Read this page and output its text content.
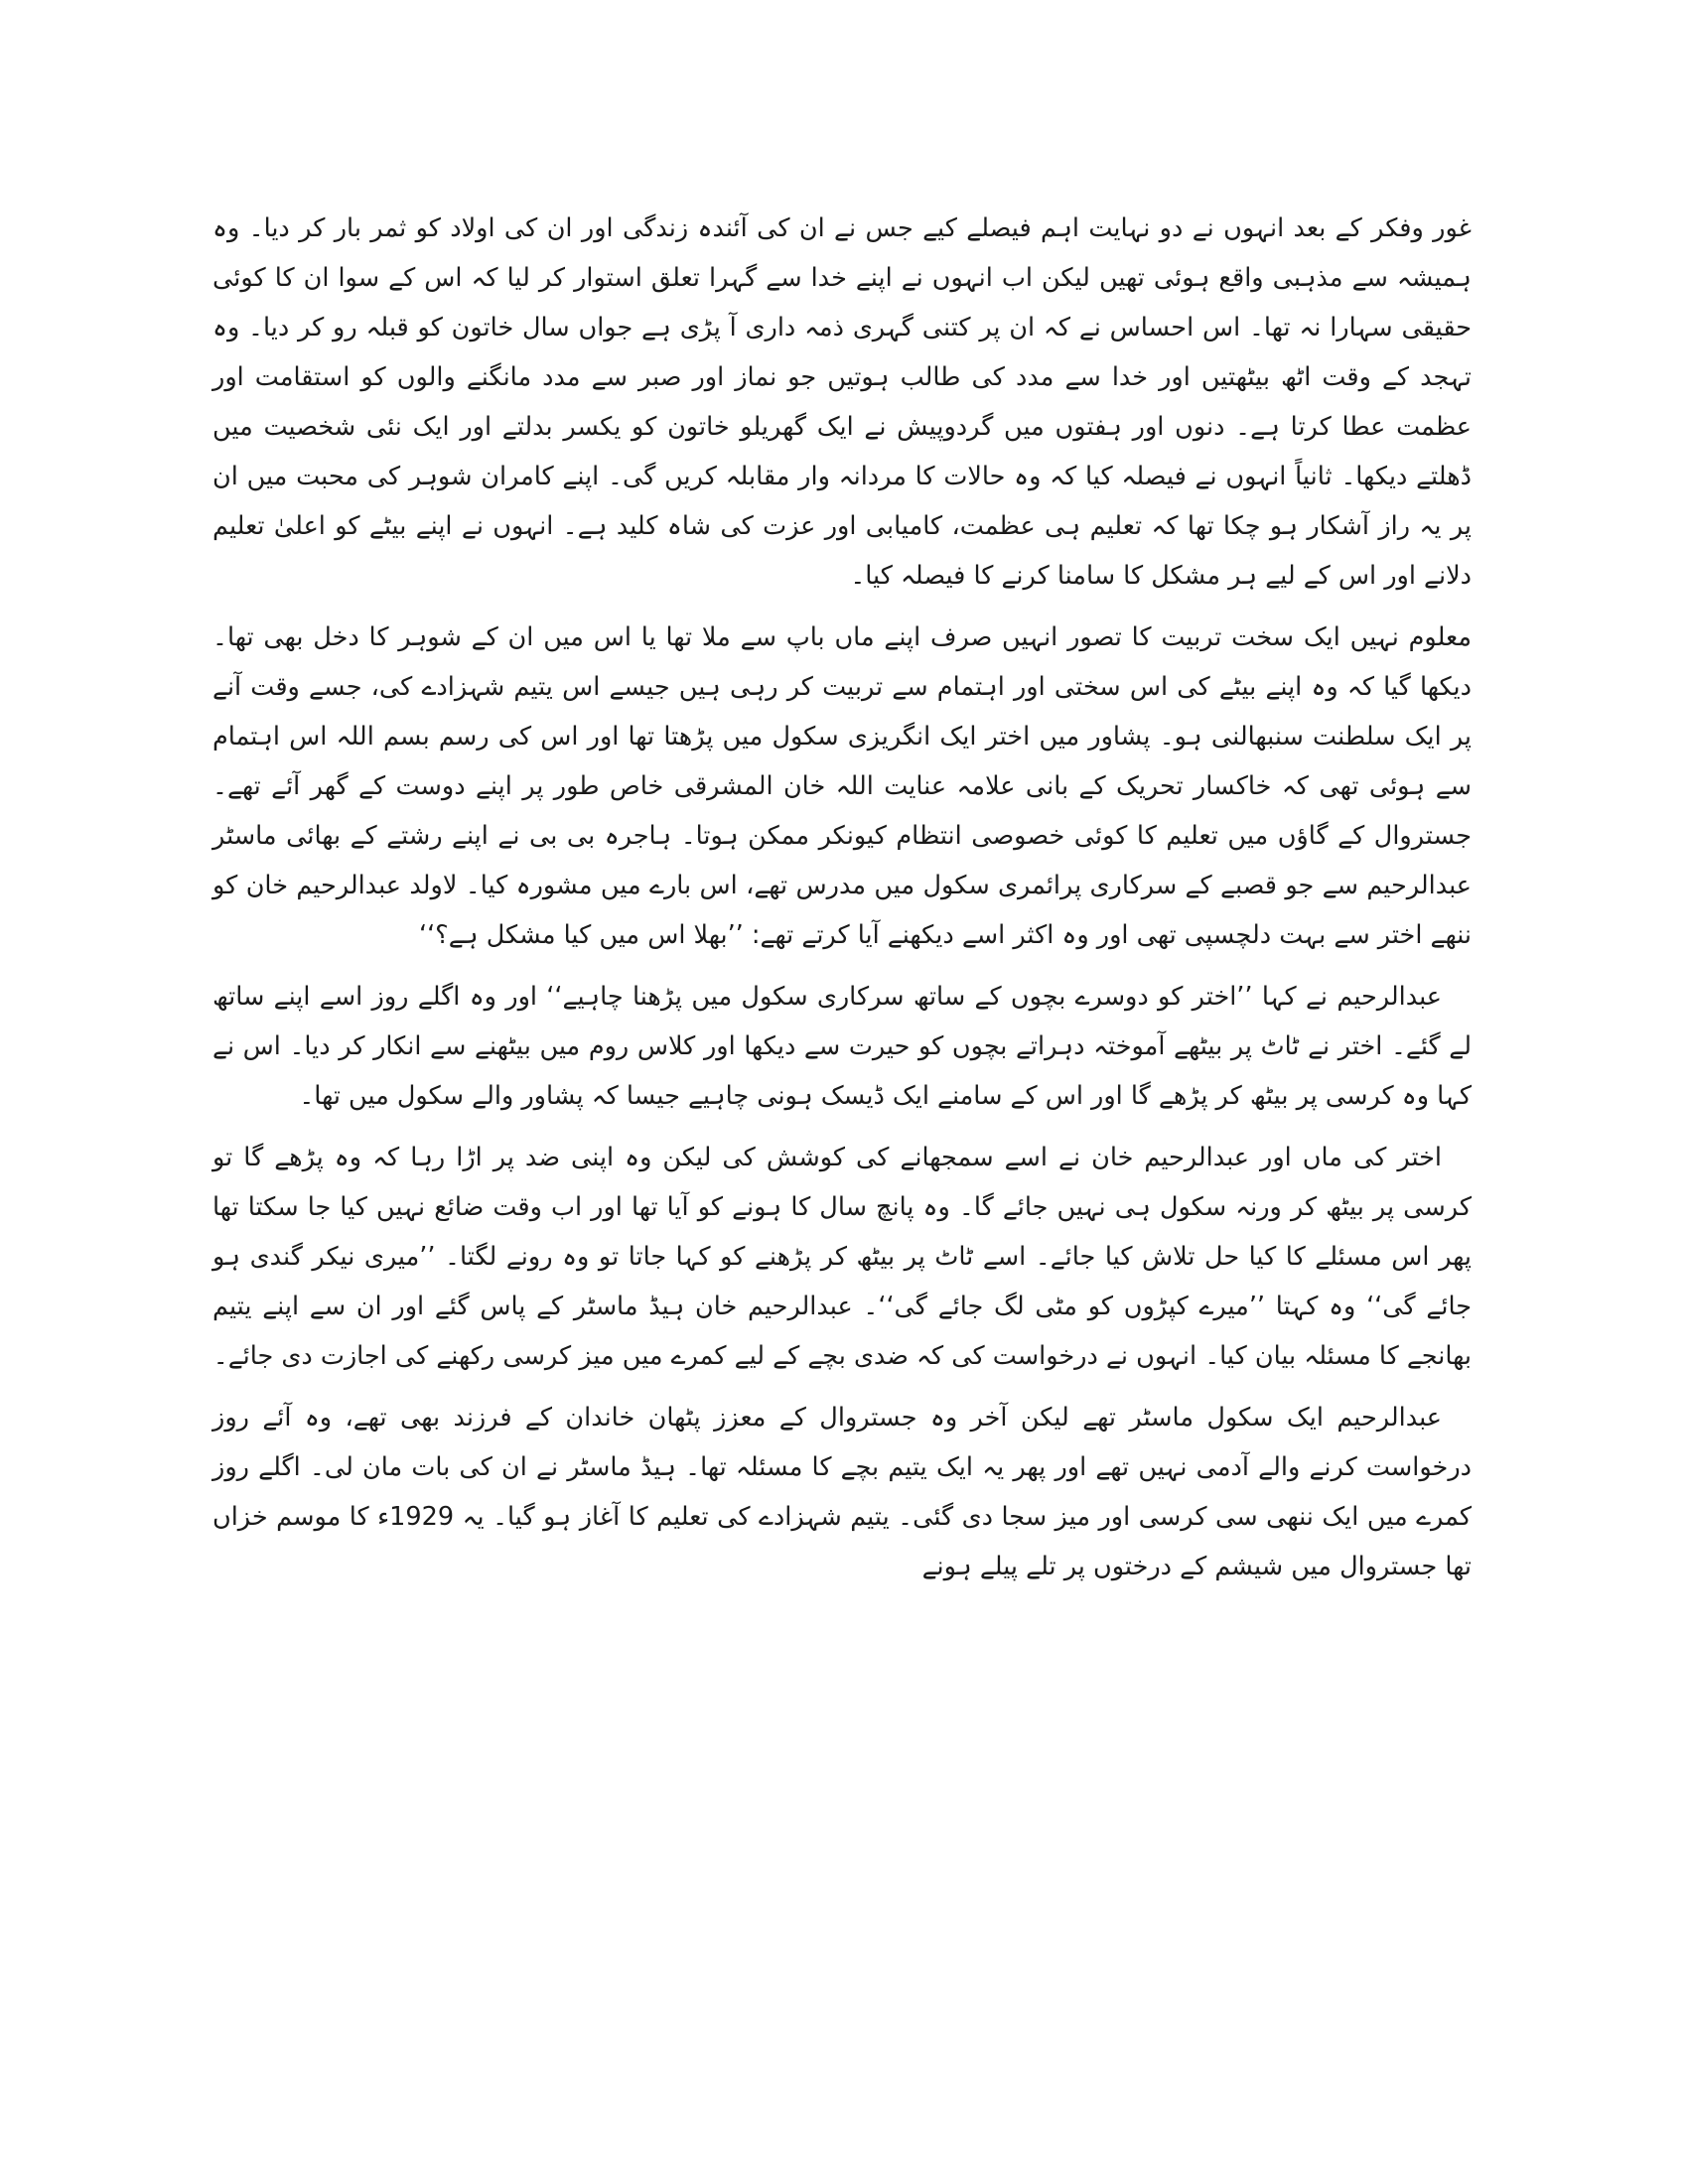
غور وفکر کے بعد انہوں نے دو نہایت اہم فیصلے کیے جس نے ان کی آئندہ زندگی اور ان کی اولاد کو ثمر بار کر دیا۔ وہ ہمیشہ سے مذہبی واقع ہوئی تھیں لیکن اب انہوں نے اپنے خدا سے گہرا تعلق استوار کر لیا کہ اس کے سوا ان کا کوئی حقیقی سہارا نہ تھا۔ اس احساس نے کہ ان پر کتنی گہری ذمہ داری آ پڑی ہے جواں سال خاتون کو قبلہ رو کر دیا۔ وہ تہجد کے وقت اٹھ بیٹھتیں اور خدا سے مدد کی طالب ہوتیں جو نماز اور صبر سے مدد مانگنے والوں کو استقامت اور عظمت عطا کرتا ہے۔ دنوں اور ہفتوں میں گردوپیش نے ایک گھریلو خاتون کو یکسر بدلتے اور ایک نئی شخصیت میں ڈھلتے دیکھا۔ ثانیاً انہوں نے فیصلہ کیا کہ وہ حالات کا مردانہ وار مقابلہ کریں گی۔ اپنے کامران شوہر کی محبت میں ان پر یہ راز آشکار ہو چکا تھا کہ تعلیم ہی عظمت، کامیابی اور عزت کی شاہ کلید ہے۔ انہوں نے اپنے بیٹے کو اعلیٰ تعلیم دلانے اور اس کے لیے ہر مشکل کا سامنا کرنے کا فیصلہ کیا۔

معلوم نہیں ایک سخت تربیت کا تصور انہیں صرف اپنے ماں باپ سے ملا تھا یا اس میں ان کے شوہر کا دخل بھی تھا۔ دیکھا گیا کہ وہ اپنے بیٹے کی اس سختی اور اہتمام سے تربیت کر رہی ہیں جیسے اس یتیم شہزادے کی، جسے وقت آنے پر ایک سلطنت سنبھالنی ہو۔ پشاور میں اختر ایک انگریزی سکول میں پڑھتا تھا اور اس کی رسم بسم اللہ اس اہتمام سے ہوئی تھی کہ خاکسار تحریک کے بانی علامہ عنایت اللہ خان المشرقی خاص طور پر اپنے دوست کے گھر آئے تھے۔ جستروال کے گاؤں میں تعلیم کا کوئی خصوصی انتظام کیونکر ممکن ہوتا۔ ہاجرہ بی بی نے اپنے رشتے کے بھائی ماسٹر عبدالرحیم سے جو قصبے کے سرکاری پرائمری سکول میں مدرس تھے، اس بارے میں مشورہ کیا۔ لاولد عبدالرحیم خان کو ننھے اختر سے بہت دلچسپی تھی اور وہ اکثر اسے دیکھنے آیا کرتے تھے: ’’بھلا اس میں کیا مشکل ہے؟‘‘

عبدالرحیم نے کہا ’’اختر کو دوسرے بچوں کے ساتھ سرکاری سکول میں پڑھنا چاہیے‘‘ اور وہ اگلے روز اسے اپنے ساتھ لے گئے۔ اختر نے ٹاٹ پر بیٹھے آموختہ دہراتے بچوں کو حیرت سے دیکھا اور کلاس روم میں بیٹھنے سے انکار کر دیا۔ اس نے کہا وہ کرسی پر بیٹھ کر پڑھے گا اور اس کے سامنے ایک ڈیسک ہونی چاہیے جیسا کہ پشاور والے سکول میں تھا۔

اختر کی ماں اور عبدالرحیم خان نے اسے سمجھانے کی کوشش کی لیکن وہ اپنی ضد پر اڑا رہا کہ وہ پڑھے گا تو کرسی پر بیٹھ کر ورنہ سکول ہی نہیں جائے گا۔ وہ پانچ سال کا ہونے کو آیا تھا اور اب وقت ضائع نہیں کیا جا سکتا تھا پھر اس مسئلے کا کیا حل تلاش کیا جائے۔ اسے ٹاٹ پر بیٹھ کر پڑھنے کو کہا جاتا تو وہ رونے لگتا۔ ’’میری نیکر گندی ہو جائے گی‘‘ وہ کہتا ’’میرے کپڑوں کو مٹی لگ جائے گی‘‘۔ عبدالرحیم خان ہیڈ ماسٹر کے پاس گئے اور ان سے اپنے یتیم بھانجے کا مسئلہ بیان کیا۔ انہوں نے درخواست کی کہ ضدی بچے کے لیے کمرے میں میز کرسی رکھنے کی اجازت دی جائے۔

عبدالرحیم ایک سکول ماسٹر تھے لیکن آخر وہ جستروال کے معزز پٹھان خاندان کے فرزند بھی تھے، وہ آئے روز درخواست کرنے والے آدمی نہیں تھے اور پھر یہ ایک یتیم بچے کا مسئلہ تھا۔ ہیڈ ماسٹر نے ان کی بات مان لی۔ اگلے روز کمرے میں ایک ننھی سی کرسی اور میز سجا دی گئی۔ یتیم شہزادے کی تعلیم کا آغاز ہو گیا۔ یہ 1929ء کا موسم خزاں تھا جستروال میں شیشم کے درختوں پر تلے پیلے ہونے
